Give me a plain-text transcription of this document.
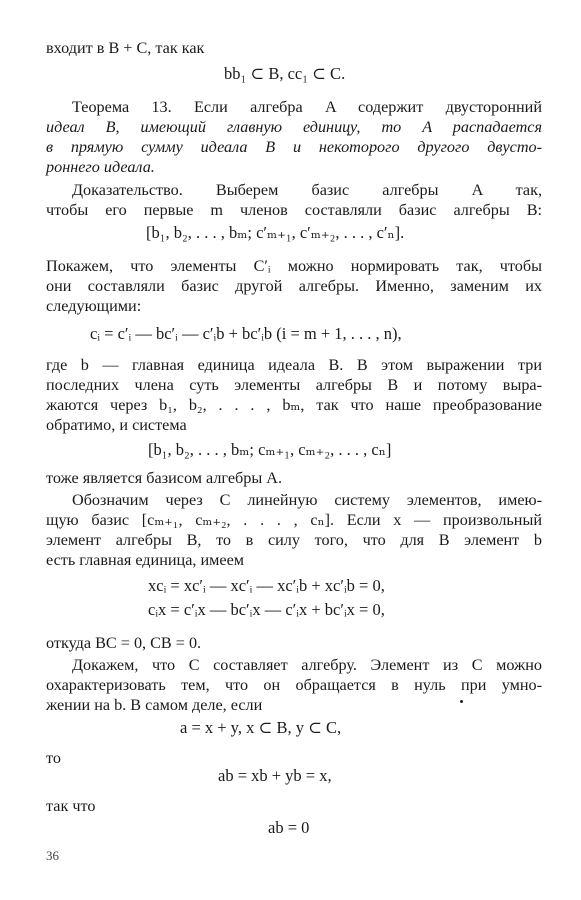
входит в B + C, так как
bb₁ ⊂ B, cc₁ ⊂ C.
Теорема 13. Если алгебра A содержит двусторонний
идеал B, имеющий главную единицу, то A распадается
в прямую сумму идеала B и некоторого другого двусто-
роннего идеала.
Доказательство. Выберем базис алгебры A так,
чтобы его первые m членов составляли базис алгебры B:
[b₁, b₂, . . . , bₘ; c′ₘ₊₁, c′ₘ₊₂, . . . , c′ₙ].
Покажем, что элементы C′ᵢ можно нормировать так, чтобы
они составляли базис другой алгебры. Именно, заменим их
следующими:
cᵢ = c′ᵢ — bc′ᵢ — c′ᵢb + bc′ᵢb (i = m + 1, . . . , n),
где b — главная единица идеала B. В этом выражении три
последних члена суть элементы алгебры B и потому выра-
жаются через b₁, b₂, . . . , bₘ, так что наше преобразование
обратимо, и система
[b₁, b₂, . . . , bₘ; cₘ₊₁, cₘ₊₂, . . . , cₙ]
тоже является базисом алгебры A.
Обозначим через C линейную систему элементов, имею-
щую базис [cₘ₊₁, cₘ₊₂, . . . , cₙ]. Если x — произвольный
элемент алгебры B, то в силу того, что для B элемент b
есть главная единица, имеем
xcᵢ = xc′ᵢ — xc′ᵢ — xc′ᵢb + xc′ᵢb = 0,
cᵢx = c′ᵢx — bc′ᵢx — c′ᵢx + bc′ᵢx = 0,
откуда BC = 0, CB = 0.
Докажем, что C составляет алгебру. Элемент из C можно
охарактеризовать тем, что он обращается в нуль при умно-
жении на b. В самом деле, если
a = x + y, x ⊂ B, y ⊂ C,
то
ab = xb + yb = x,
так что
ab = 0
36
